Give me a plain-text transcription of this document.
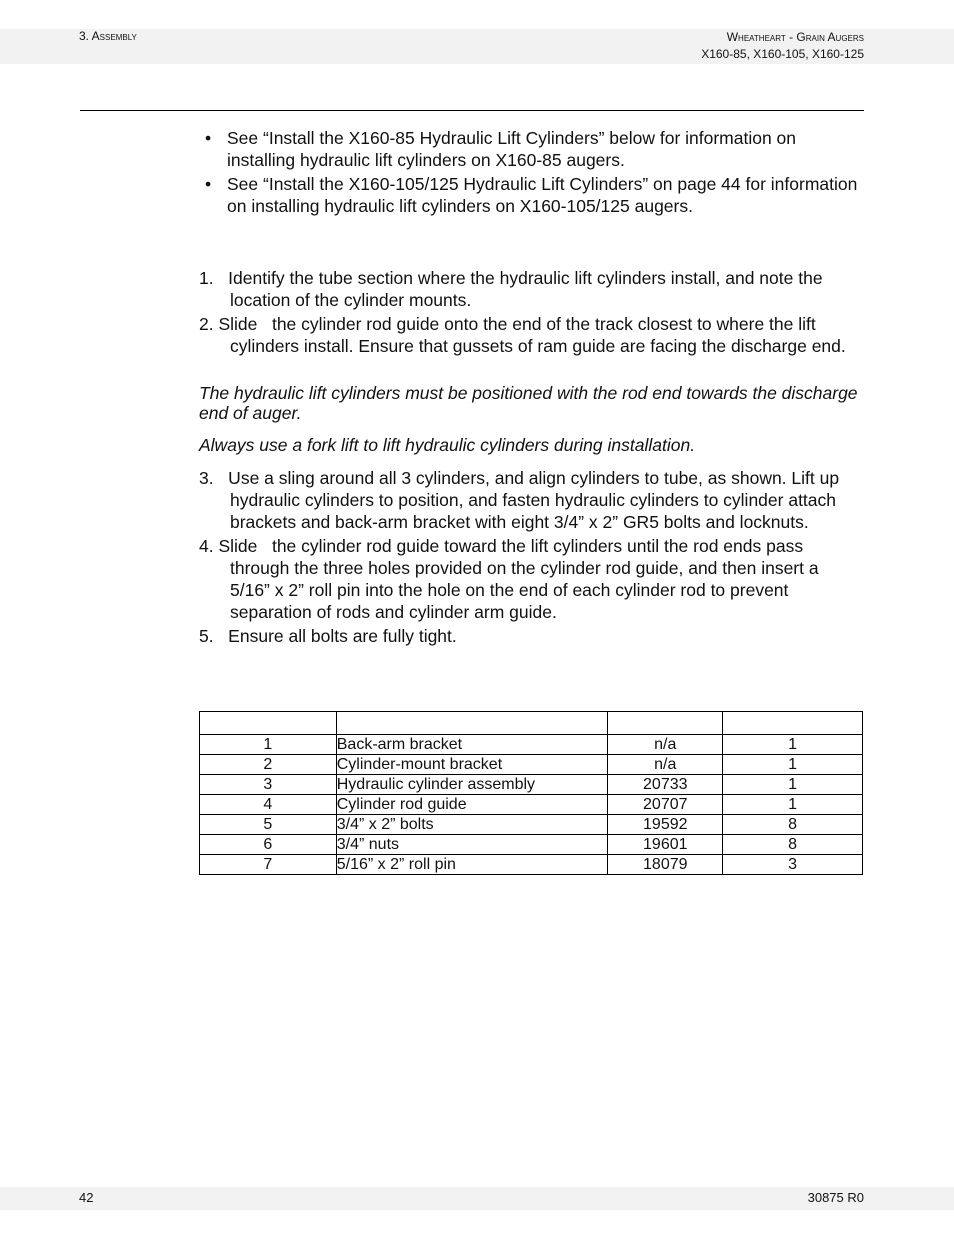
3. Assembly	Wheatheart - Grain Augers
X160-85, X160-105, X160-125
• See “Install the X160-85 Hydraulic Lift Cylinders” below for information on installing hydraulic lift cylinders on X160-85 augers.
• See “Install the X160-105/125 Hydraulic Lift Cylinders” on page 44 for information on installing hydraulic lift cylinders on X160-105/125 augers.
1.   Identify the tube section where the hydraulic lift cylinders install, and note the location of the cylinder mounts.
2. Slide   the cylinder rod guide onto the end of the track closest to where the lift cylinders install. Ensure that gussets of ram guide are facing the discharge end.

The hydraulic lift cylinders must be positioned with the rod end towards the discharge end of auger.

Always use a fork lift to lift hydraulic cylinders during installation.

3.   Use a sling around all 3 cylinders, and align cylinders to tube, as shown. Lift up hydraulic cylinders to position, and fasten hydraulic cylinders to cylinder attach brackets and back-arm bracket with eight 3/4” x 2” GR5 bolts and locknuts.
4. Slide   the cylinder rod guide toward the lift cylinders until the rod ends pass through the three holes provided on the cylinder rod guide, and then insert a 5/16” x 2” roll pin into the hole on the end of each cylinder rod to prevent separation of rods and cylinder arm guide.
5.   Ensure all bolts are fully tight.

1	Back-arm bracket	n/a	1
2	Cylinder-mount bracket	n/a	1
3	Hydraulic cylinder assembly	20733	1
4	Cylinder rod guide	20707	1
5	3/4” x 2” bolts	19592	8
6	3/4” nuts	19601	8
7	5/16” x 2” roll pin	18079	3
42	30875 R0
